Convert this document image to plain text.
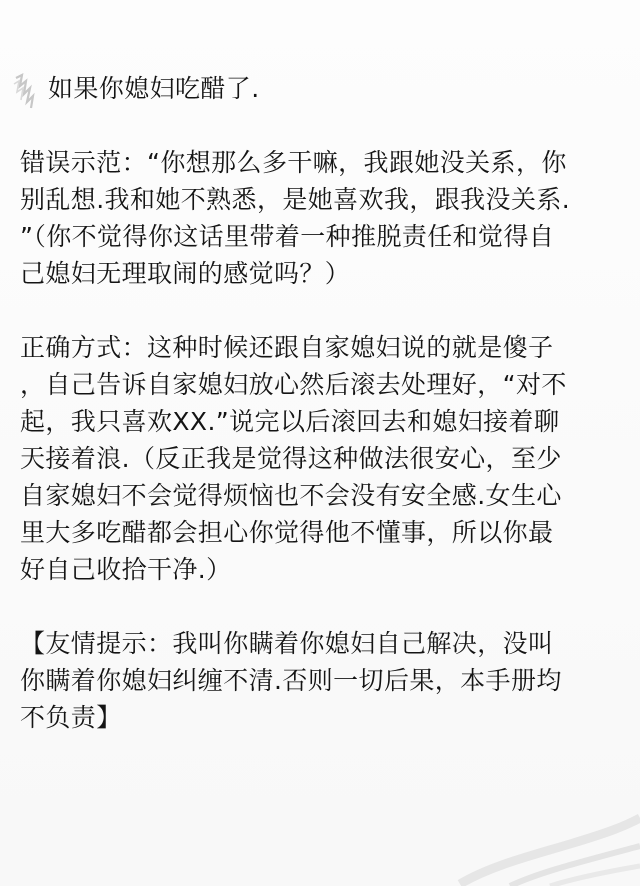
如果你媳妇吃醋了.
错误示范：“你想那么多干嘛，我跟她没关系，你
别乱想.我和她不熟悉，是她喜欢我，跟我没关系.
”（你不觉得你这话里带着一种推脱责任和觉得自
己媳妇无理取闹的感觉吗？）
正确方式：这种时候还跟自家媳妇说的就是傻子
，自己告诉自家媳妇放心然后滚去处理好，“对不
起，我只喜欢XX.”说完以后滚回去和媳妇接着聊
天接着浪.（反正我是觉得这种做法很安心，至少
自家媳妇不会觉得烦恼也不会没有安全感.女生心
里大多吃醋都会担心你觉得他不懂事，所以你最
好自己收拾干净.）
【友情提示：我叫你瞒着你媳妇自己解决，没叫
你瞒着你媳妇纠缠不清.否则一切后果，本手册均
不负责】
